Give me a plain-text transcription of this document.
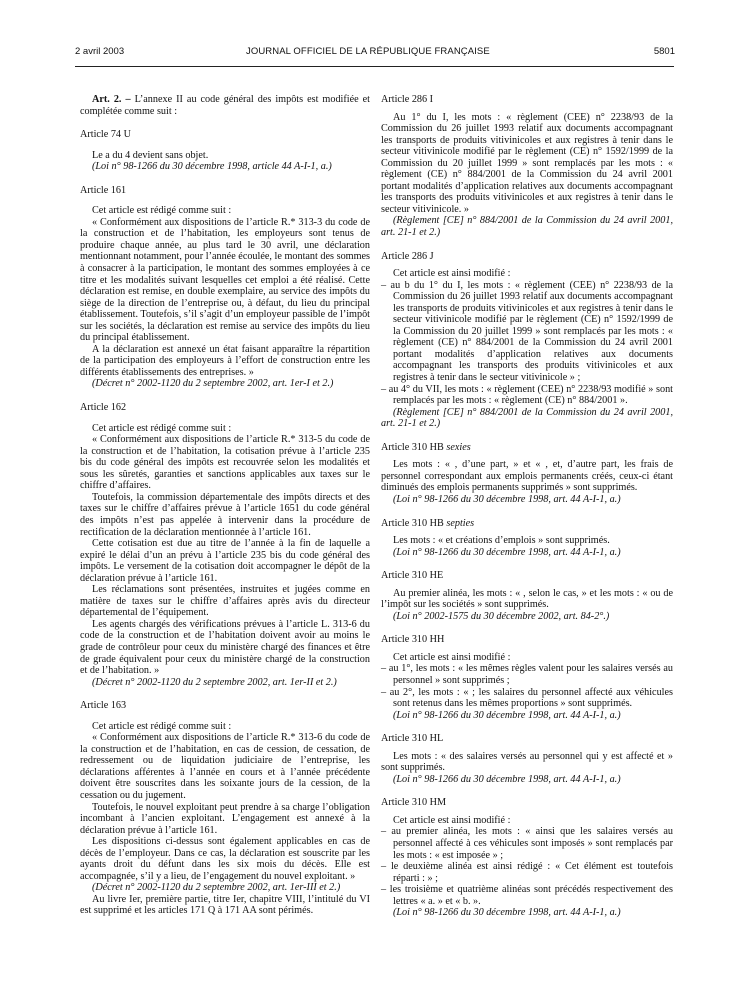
2 avril 2003	JOURNAL OFFICIEL DE LA RÉPUBLIQUE FRANÇAISE	5801

Art. 2. – L’annexe II au code général des impôts est modifiée et complétée comme suit :

Article 74 U

Le a du 4 devient sans objet.

(Loi n° 98-1266 du 30 décembre 1998, article 44 A-I-1, a.)

Article 161

Cet article est rédigé comme suit :

« Conformément aux dispositions de l’article R.* 313-3 du code de la construction et de l’habitation, les employeurs sont tenus de produire chaque année, au plus tard le 30 avril, une déclaration mentionnant notamment, pour l’année écoulée, le montant des sommes à consacrer à la participation, le montant des sommes employées à ce titre et les modalités suivant lesquelles cet emploi a été réalisé. Cette déclaration est remise, en double exemplaire, au service des impôts du siège de la direction de l’entreprise ou, à défaut, du lieu du principal établissement. Toutefois, s’il s’agit d’un employeur passible de l’impôt sur les sociétés, la déclaration est remise au service des impôts du lieu du principal établissement.

A la déclaration est annexé un état faisant apparaître la répartition de la participation des employeurs à l’effort de construction entre les différents établissements des entreprises. »

(Décret n° 2002-1120 du 2 septembre 2002, art. 1er-I et 2.)

Article 162

Cet article est rédigé comme suit :

« Conformément aux dispositions de l’article R.* 313-5 du code de la construction et de l’habitation, la cotisation prévue à l’article 235 bis du code général des impôts est recouvrée selon les modalités et sous les sûretés, garanties et sanctions applicables aux taxes sur le chiffre d’affaires.

Toutefois, la commission départementale des impôts directs et des taxes sur le chiffre d’affaires prévue à l’article 1651 du code général des impôts n’est pas appelée à intervenir dans la procédure de rectification de la déclaration mentionnée à l’article 161.

Cette cotisation est due au titre de l’année à la fin de laquelle a expiré le délai d’un an prévu à l’article 235 bis du code général des impôts. Le versement de la cotisation doit accompagner le dépôt de la déclaration prévue à l’article 161.

Les réclamations sont présentées, instruites et jugées comme en matière de taxes sur le chiffre d’affaires après avis du directeur départemental de l’équipement.

Les agents chargés des vérifications prévues à l’article L. 313-6 du code de la construction et de l’habitation doivent avoir au moins le grade de contrôleur pour ceux du ministère chargé des finances et être de grade équivalent pour ceux du ministère chargé de la construction et de l’habitation. »

(Décret n° 2002-1120 du 2 septembre 2002, art. 1er-II et 2.)

Article 163

Cet article est rédigé comme suit :

« Conformément aux dispositions de l’article R.* 313-6 du code de la construction et de l’habitation, en cas de cession, de cessation, de redressement ou de liquidation judiciaire de l’entreprise, les déclarations afférentes à l’année en cours et à l’année précédente doivent être souscrites dans les soixante jours de la cession, de la cessation ou du jugement.

Toutefois, le nouvel exploitant peut prendre à sa charge l’obligation incombant à l’ancien exploitant. L’engagement est annexé à la déclaration prévue à l’article 161.

Les dispositions ci-dessus sont également applicables en cas de décès de l’employeur. Dans ce cas, la déclaration est souscrite par les ayants droit du défunt dans les six mois du décès. Elle est accompagnée, s’il y a lieu, de l’engagement du nouvel exploitant. »

(Décret n° 2002-1120 du 2 septembre 2002, art. 1er-III et 2.)

Au livre Ier, première partie, titre Ier, chapitre VIII, l’intitulé du VI est supprimé et les articles 171 Q à 171 AA sont périmés.

Article 286 I

Au 1° du I, les mots : « règlement (CEE) n° 2238/93 de la Commission du 26 juillet 1993 relatif aux documents accompagnant les transports de produits vitivinicoles et aux registres à tenir dans le secteur vitivinicole modifié par le règlement (CE) n° 1592/1999 de la Commission du 20 juillet 1999 » sont remplacés par les mots : « règlement (CE) n° 884/2001 de la Commission du 24 avril 2001 portant modalités d’application relatives aux documents accompagnant les transports des produits vitivinicoles et aux registres à tenir dans le secteur vitivinicole. »

(Règlement [CE] n° 884/2001 de la Commission du 24 avril 2001, art. 21-1 et 2.)

Article 286 J

Cet article est ainsi modifié :

– au b du 1° du I, les mots : « règlement (CEE) n° 2238/93 de la Commission du 26 juillet 1993 relatif aux documents accompagnant les transports de produits vitivinicoles et aux registres à tenir dans le secteur vitivinicole modifié par le règlement (CE) n° 1592/1999 de la Commission du 20 juillet 1999 » sont remplacés par les mots : « règlement (CE) n° 884/2001 de la Commission du 24 avril 2001 portant modalités d’application relatives aux documents accompagnant les transports des produits vitivinicoles et aux registres à tenir dans le secteur vitivinicole » ;

– au 4° du VII, les mots : « règlement (CEE) n° 2238/93 modifié » sont remplacés par les mots : « règlement (CE) n° 884/2001 ».

(Règlement [CE] n° 884/2001 de la Commission du 24 avril 2001, art. 21-1 et 2.)

Article 310 HB sexies

Les mots : « , d’une part, » et « , et, d’autre part, les frais de personnel correspondant aux emplois permanents créés, ceux-ci étant diminués des emplois permanents supprimés » sont supprimés.

(Loi n° 98-1266 du 30 décembre 1998, art. 44 A-I-1, a.)

Article 310 HB septies

Les mots : « et créations d’emplois » sont supprimés.

(Loi n° 98-1266 du 30 décembre 1998, art. 44 A-I-1, a.)

Article 310 HE

Au premier alinéa, les mots : « , selon le cas, » et les mots : « ou de l’impôt sur les sociétés » sont supprimés.

(Loi n° 2002-1575 du 30 décembre 2002, art. 84-2°.)

Article 310 HH

Cet article est ainsi modifié :

– au 1°, les mots : « les mêmes règles valent pour les salaires versés au personnel » sont supprimés ;

– au 2°, les mots : « ; les salaires du personnel affecté aux véhicules sont retenus dans les mêmes proportions » sont supprimés.

(Loi n° 98-1266 du 30 décembre 1998, art. 44 A-I-1, a.)

Article 310 HL

Les mots : « des salaires versés au personnel qui y est affecté et » sont supprimés.

(Loi n° 98-1266 du 30 décembre 1998, art. 44 A-I-1, a.)

Article 310 HM

Cet article est ainsi modifié :

– au premier alinéa, les mots : « ainsi que les salaires versés au personnel affecté à ces véhicules sont imposés » sont remplacés par les mots : « est imposée » ;

– le deuxième alinéa est ainsi rédigé : « Cet élément est toutefois réparti : » ;

– les troisième et quatrième alinéas sont précédés respectivement des lettres « a. » et « b. ».

(Loi n° 98-1266 du 30 décembre 1998, art. 44 A-I-1, a.)
